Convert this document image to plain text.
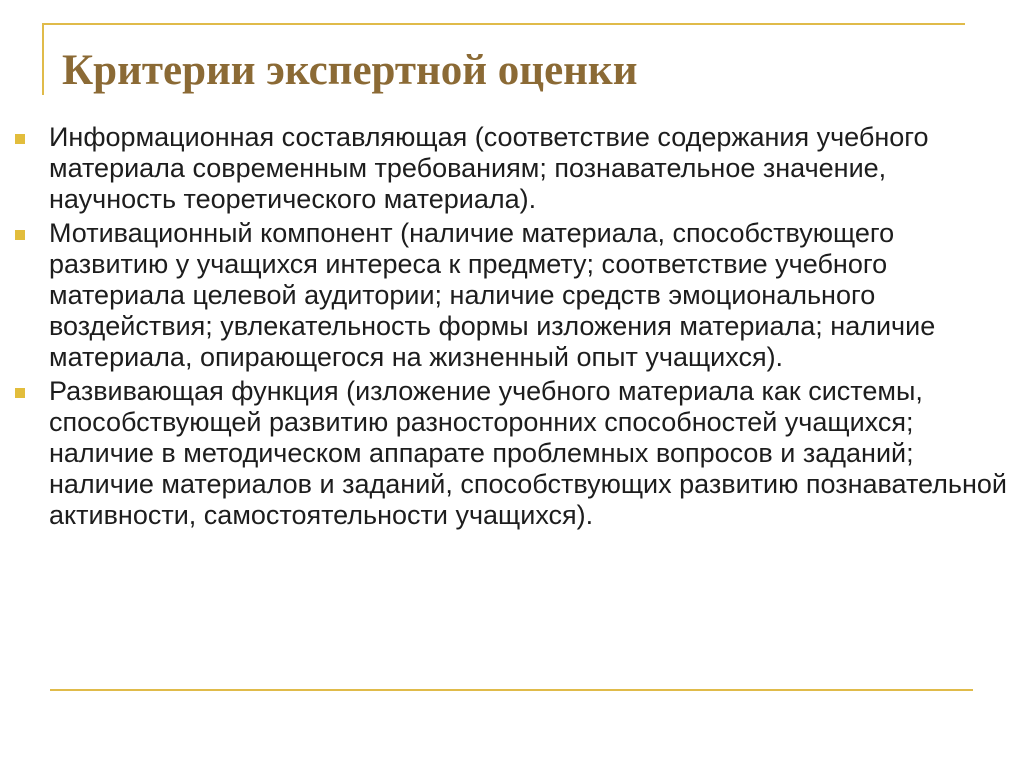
Критерии экспертной оценки
Информационная составляющая (соответствие содержания учебного материала современным требованиям; познавательное значение, научность теоретического материала).
Мотивационный компонент (наличие материала, способствующего развитию у учащихся интереса к предмету; соответствие учебного материала целевой аудитории; наличие средств эмоционального воздействия; увлекательность формы изложения материала; наличие материала, опирающегося на жизненный опыт учащихся).
Развивающая функция (изложение учебного материала как системы, способствующей развитию разносторонних способностей учащихся; наличие в методическом аппарате проблемных вопросов и заданий; наличие материалов и заданий, способствующих развитию познавательной активности, самостоятельности учащихся).
